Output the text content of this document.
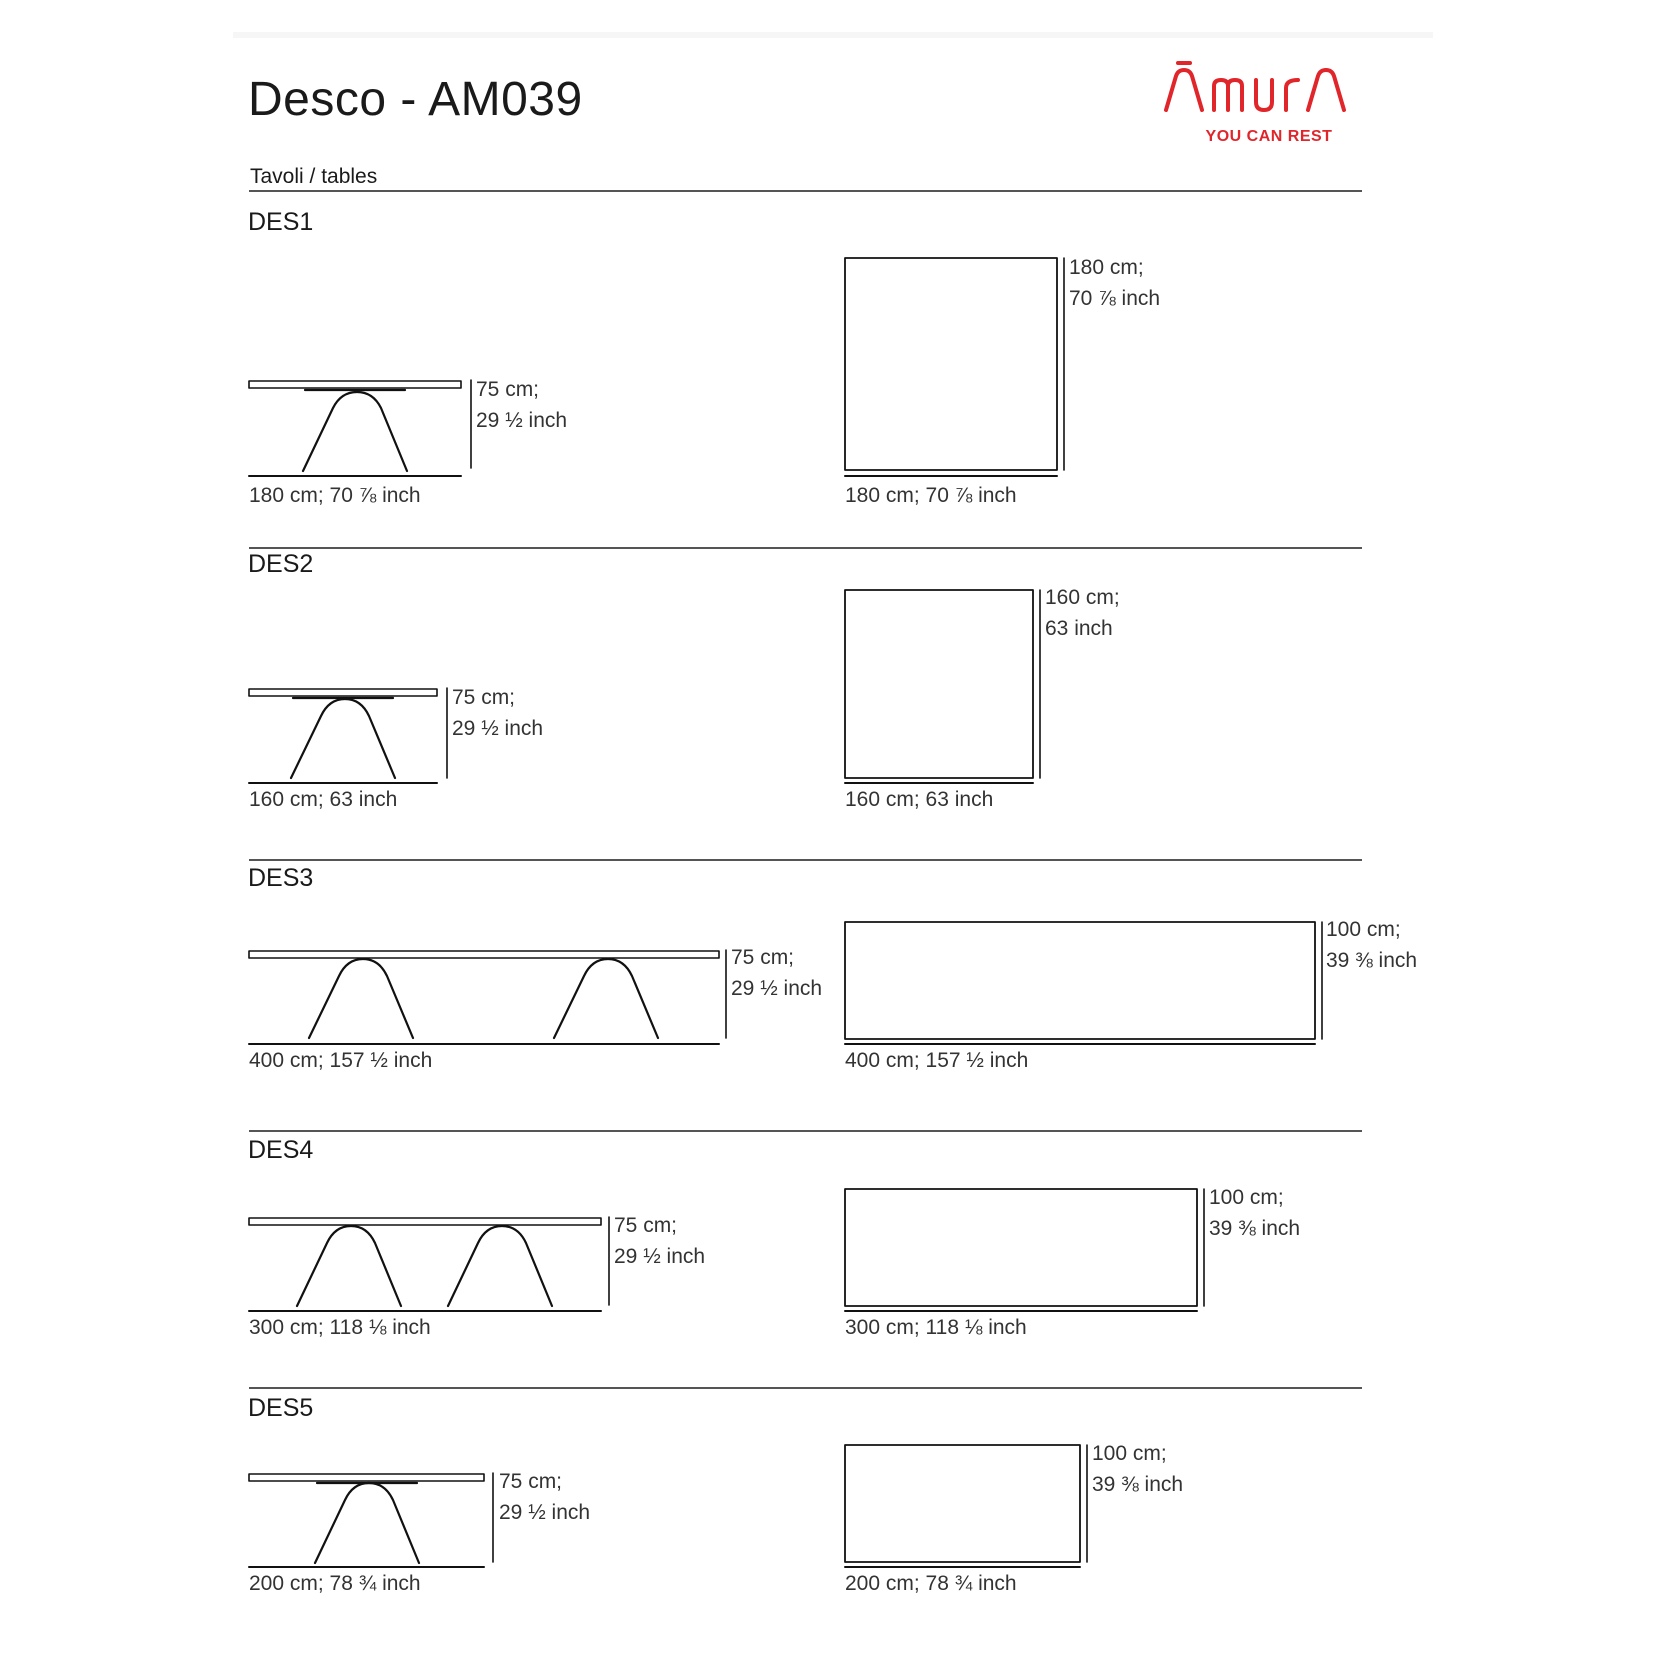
Desco - AM039
YOU CAN REST
Tavoli / tables
DES1
75 cm;
29 ½ inch
180 cm; 70 ⅞ inch
180 cm;
70 ⅞ inch
180 cm; 70 ⅞ inch
DES2
75 cm;
29 ½ inch
160 cm; 63 inch
160 cm;
63 inch
160 cm; 63 inch
DES3
75 cm;
29 ½ inch
400 cm; 157 ½ inch
100 cm;
39 ⅜ inch
400 cm; 157 ½ inch
DES4
75 cm;
29 ½ inch
300 cm; 118 ⅛ inch
100 cm;
39 ⅜ inch
300 cm; 118 ⅛ inch
DES5
75 cm;
29 ½ inch
200 cm; 78 ¾ inch
100 cm;
39 ⅜ inch
200 cm; 78 ¾ inch
